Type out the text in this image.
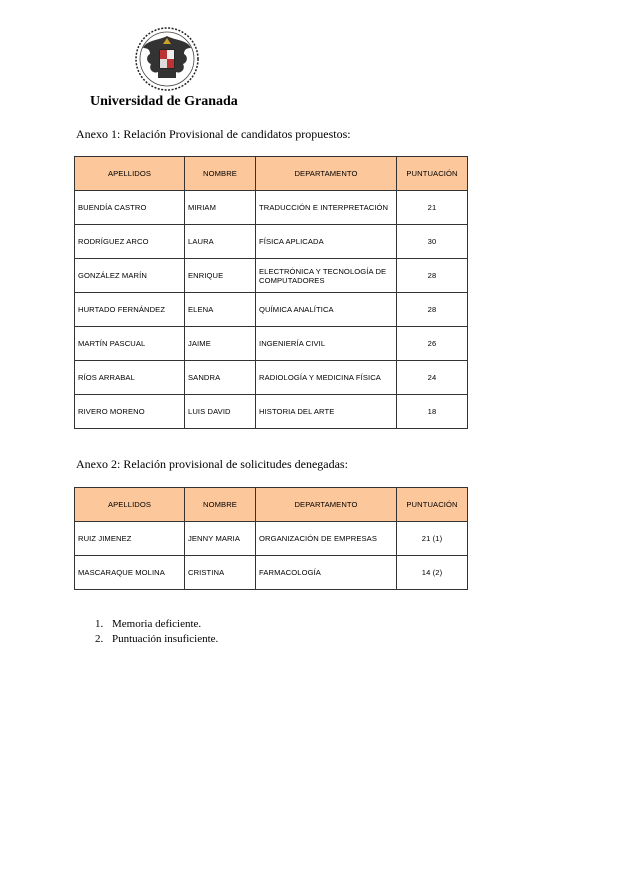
Universidad de Granada
Anexo 1: Relación Provisional de candidatos propuestos:
APELLIDOS	NOMBRE	DEPARTAMENTO	PUNTUACIÓN
BUENDÍA CASTRO	MIRIAM	TRADUCCIÓN E INTERPRETACIÓN	21
RODRÍGUEZ ARCO	LAURA	FÍSICA APLICADA	30
GONZÁLEZ MARÍN	ENRIQUE	ELECTRÓNICA Y TECNOLOGÍA DE COMPUTADORES	28
HURTADO FERNÁNDEZ	ELENA	QUÍMICA ANALÍTICA	28
MARTÍN PASCUAL	JAIME	INGENIERÍA CIVIL	26
RÍOS ARRABAL	SANDRA	RADIOLOGÍA Y MEDICINA FÍSICA	24
RIVERO MORENO	LUIS DAVID	HISTORIA DEL ARTE	18
Anexo 2: Relación provisional de solicitudes denegadas:
APELLIDOS	NOMBRE	DEPARTAMENTO	PUNTUACIÓN
RUIZ JIMENEZ	JENNY MARIA	ORGANIZACIÓN DE EMPRESAS	21 (1)
MASCARAQUE MOLINA	CRISTINA	FARMACOLOGÍA	14 (2)
1. Memoria deficiente.
2. Puntuación insuficiente.
